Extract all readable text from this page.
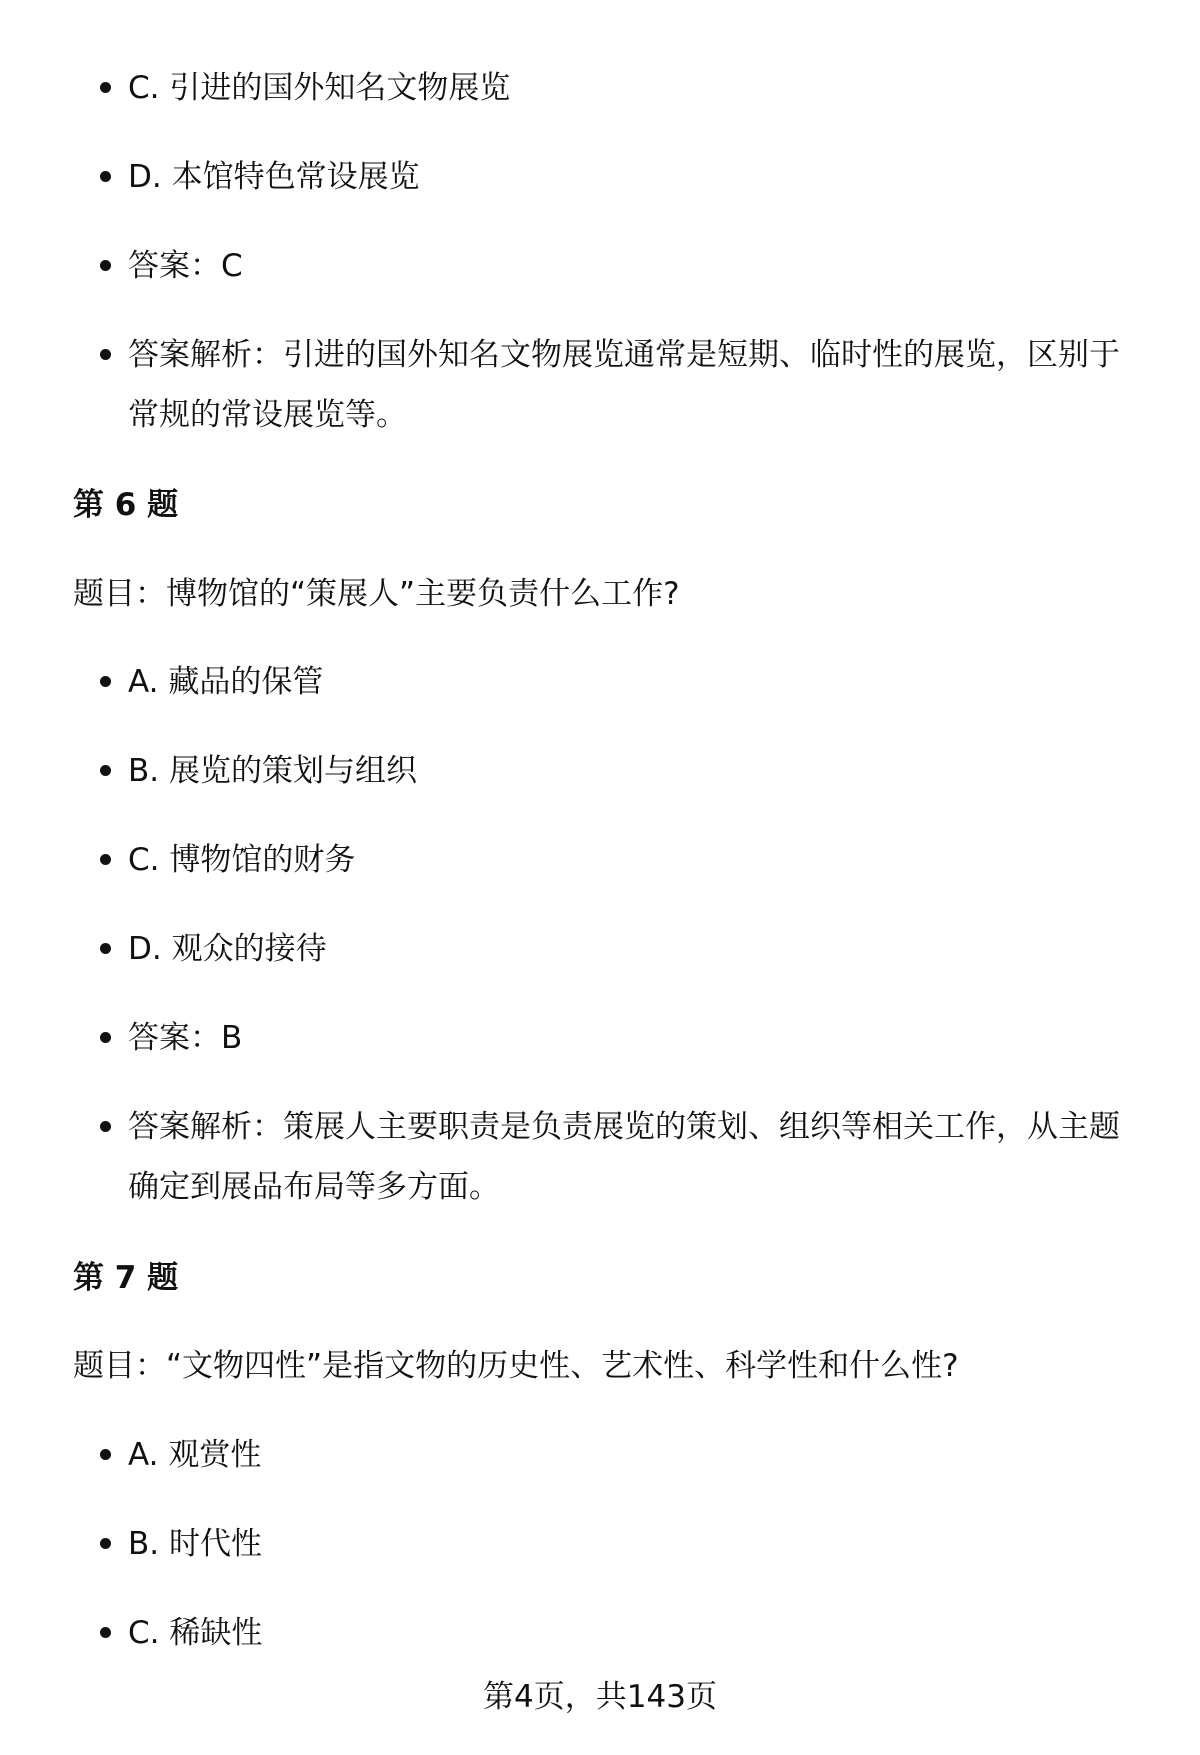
C. 引进的国外知名文物展览
D. 本馆特色常设展览
答案：C
答案解析：引进的国外知名文物展览通常是短期、临时性的展览，区别于常规的常设展览等。
第 6 题
题目：博物馆的“策展人”主要负责什么工作?
A. 藏品的保管
B. 展览的策划与组织
C. 博物馆的财务
D. 观众的接待
答案：B
答案解析：策展人主要职责是负责展览的策划、组织等相关工作，从主题确定到展品布局等多方面。
第 7 题
题目：“文物四性”是指文物的历史性、艺术性、科学性和什么性?
A. 观赏性
B. 时代性
C. 稀缺性
第4页，共143页
